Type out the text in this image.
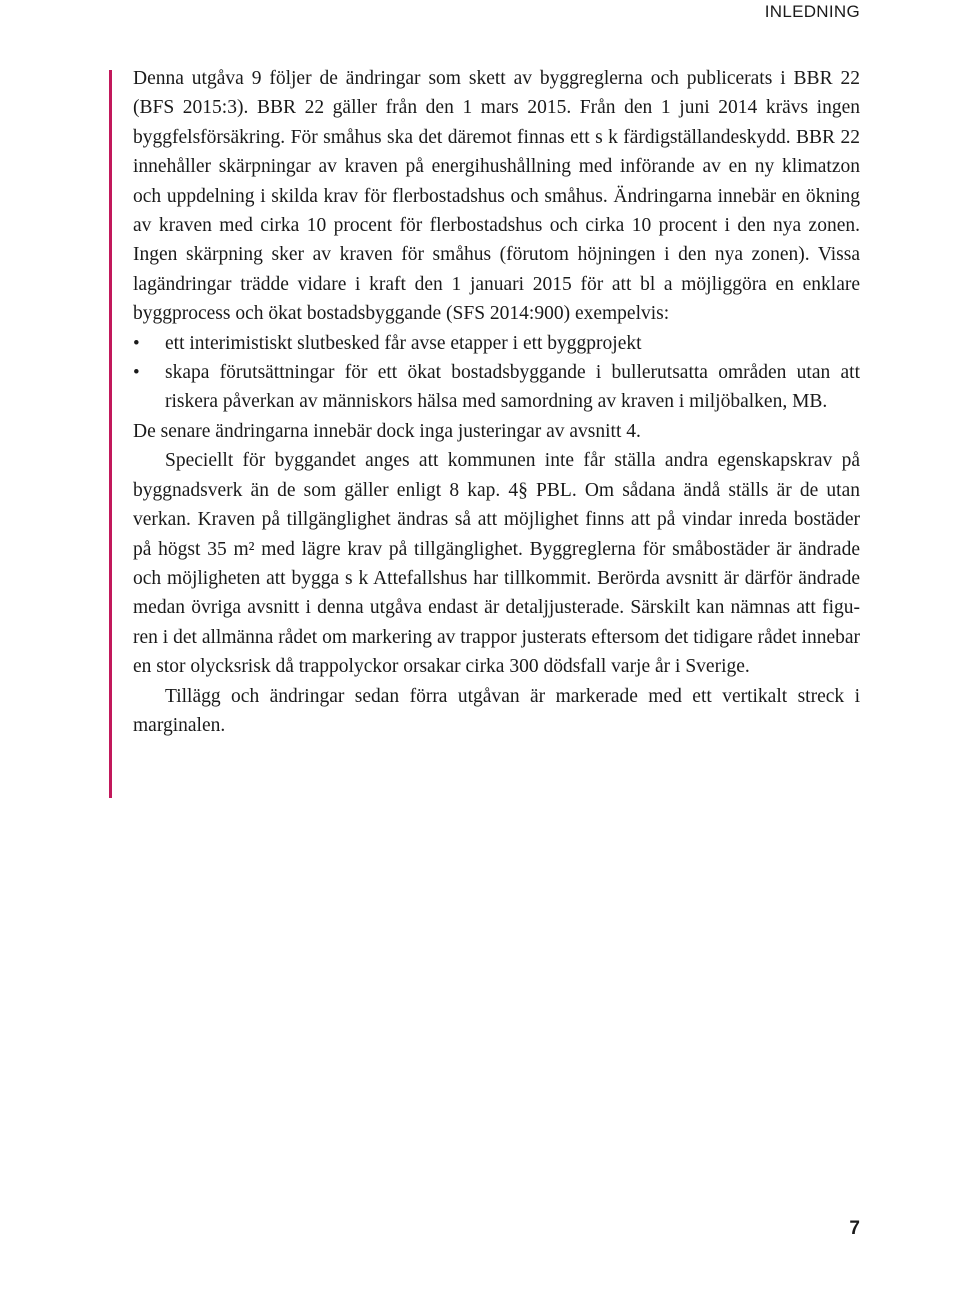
INLEDNING

Denna utgåva 9 följer de ändringar som skett av byggreglerna och publicerats i BBR 22 (BFS 2015:3). BBR 22 gäller från den 1 mars 2015. Från den 1 juni 2014 krävs ingen byggfelsförsäkring. För småhus ska det däremot finnas ett s k färdigställandeskydd. BBR 22 innehåller skärpningar av kraven på energihushållning med införande av en ny klimatzon och uppdelning i skilda krav för flerbostadshus och småhus. Ändringarna innebär en ökning av kraven med cirka 10 procent för flerbostadshus och cirka 10 procent i den nya zonen. Ingen skärpning sker av kraven för småhus (förutom höjningen i den nya zonen). Vissa lagändringar trädde vidare i kraft den 1 januari 2015 för att bl a möjliggöra en enklare byggprocess och ökat bostadsbyggande (SFS 2014:900) exempelvis:

• ett interimistiskt slutbesked får avse etapper i ett byggprojekt
• skapa förutsättningar för ett ökat bostadsbyggande i bullerutsatta områden utan att riskera påverkan av människors hälsa med samordning av kraven i miljöbalken, MB.

De senare ändringarna innebär dock inga justeringar av avsnitt 4.

Speciellt för byggandet anges att kommunen inte får ställa andra egenskapskrav på byggnadsverk än de som gäller enligt 8 kap. 4§ PBL. Om sådana ändå ställs är de utan verkan. Kraven på tillgänglighet ändras så att möjlighet finns att på vindar inreda bostäder på högst 35 m² med lägre krav på tillgänglighet. Byggreglerna för småbostäder är ändrade och möjligheten att bygga s k Attefallshus har tillkommit. Berörda avsnitt är därför ändrade medan övriga avsnitt i denna utgåva endast är detaljjusterade. Särskilt kan nämnas att figuren i det allmänna rådet om markering av trappor justerats eftersom det tidigare rådet innebar en stor olycksrisk då trappolyckor orsakar cirka 300 dödsfall varje år i Sverige.

Tillägg och ändringar sedan förra utgåvan är markerade med ett vertikalt streck i marginalen.

7
